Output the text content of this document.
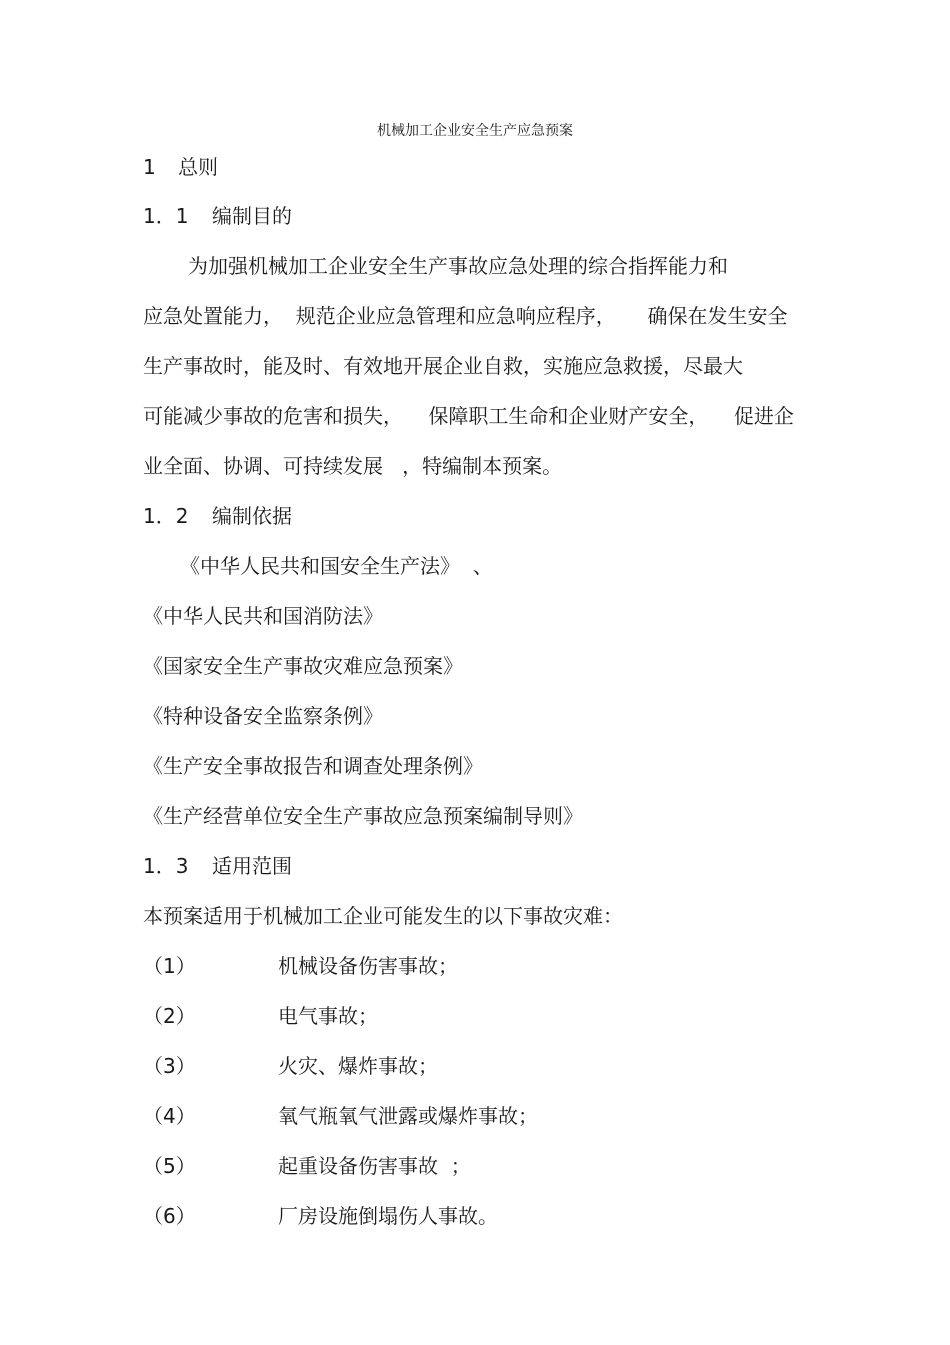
机械加工企业安全生产应急预案
1 总则
1．1 编制目的
为加强机械加工企业安全生产事故应急处理的综合指挥能力和
应急处置能力，  规范企业应急管理和应急响应程序，     确保在发生安全
生产事故时，能及时、有效地开展企业自救，实施应急救援，尽最大
可能减少事故的危害和损失，    保障职工生命和企业财产安全，    促进企
业全面、协调、可持续发展   ，特编制本预案。
1．2 编制依据
《中华人民共和国安全生产法》  、
《中华人民共和国消防法》
《国家安全生产事故灾难应急预案》
《特种设备安全监察条例》
《生产安全事故报告和调查处理条例》
《生产经营单位安全生产事故应急预案编制导则》
1．3 适用范围
本预案适用于机械加工企业可能发生的以下事故灾难：
（1）	机械设备伤害事故；
（2）	电气事故；
（3）	火灾、爆炸事故；
（4）	氧气瓶氧气泄露或爆炸事故；
（5）	起重设备伤害事故  ；
（6）	厂房设施倒塌伤人事故。
